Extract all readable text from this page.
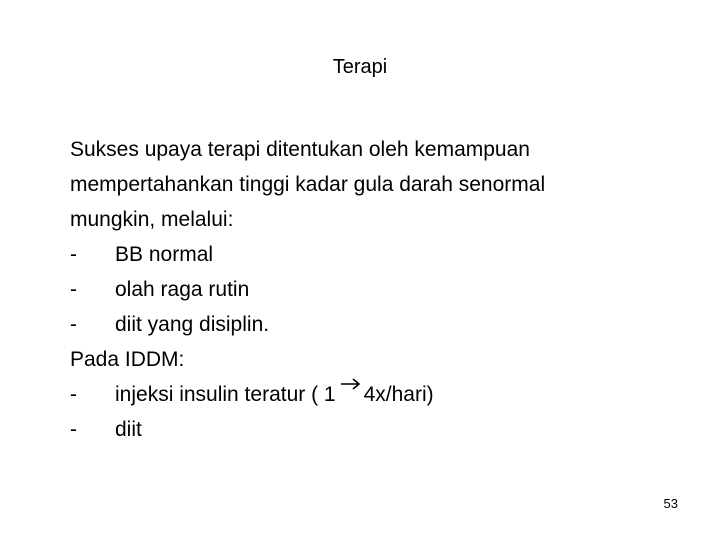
Terapi
Sukses upaya terapi ditentukan oleh kemampuan
mempertahankan tinggi kadar gula darah senormal
mungkin, melalui:
-	BB normal
-	olah raga rutin
-	diit yang disiplin.
Pada IDDM:
-	injeksi insulin teratur ( 1 4x/hari)
-	diit
53
